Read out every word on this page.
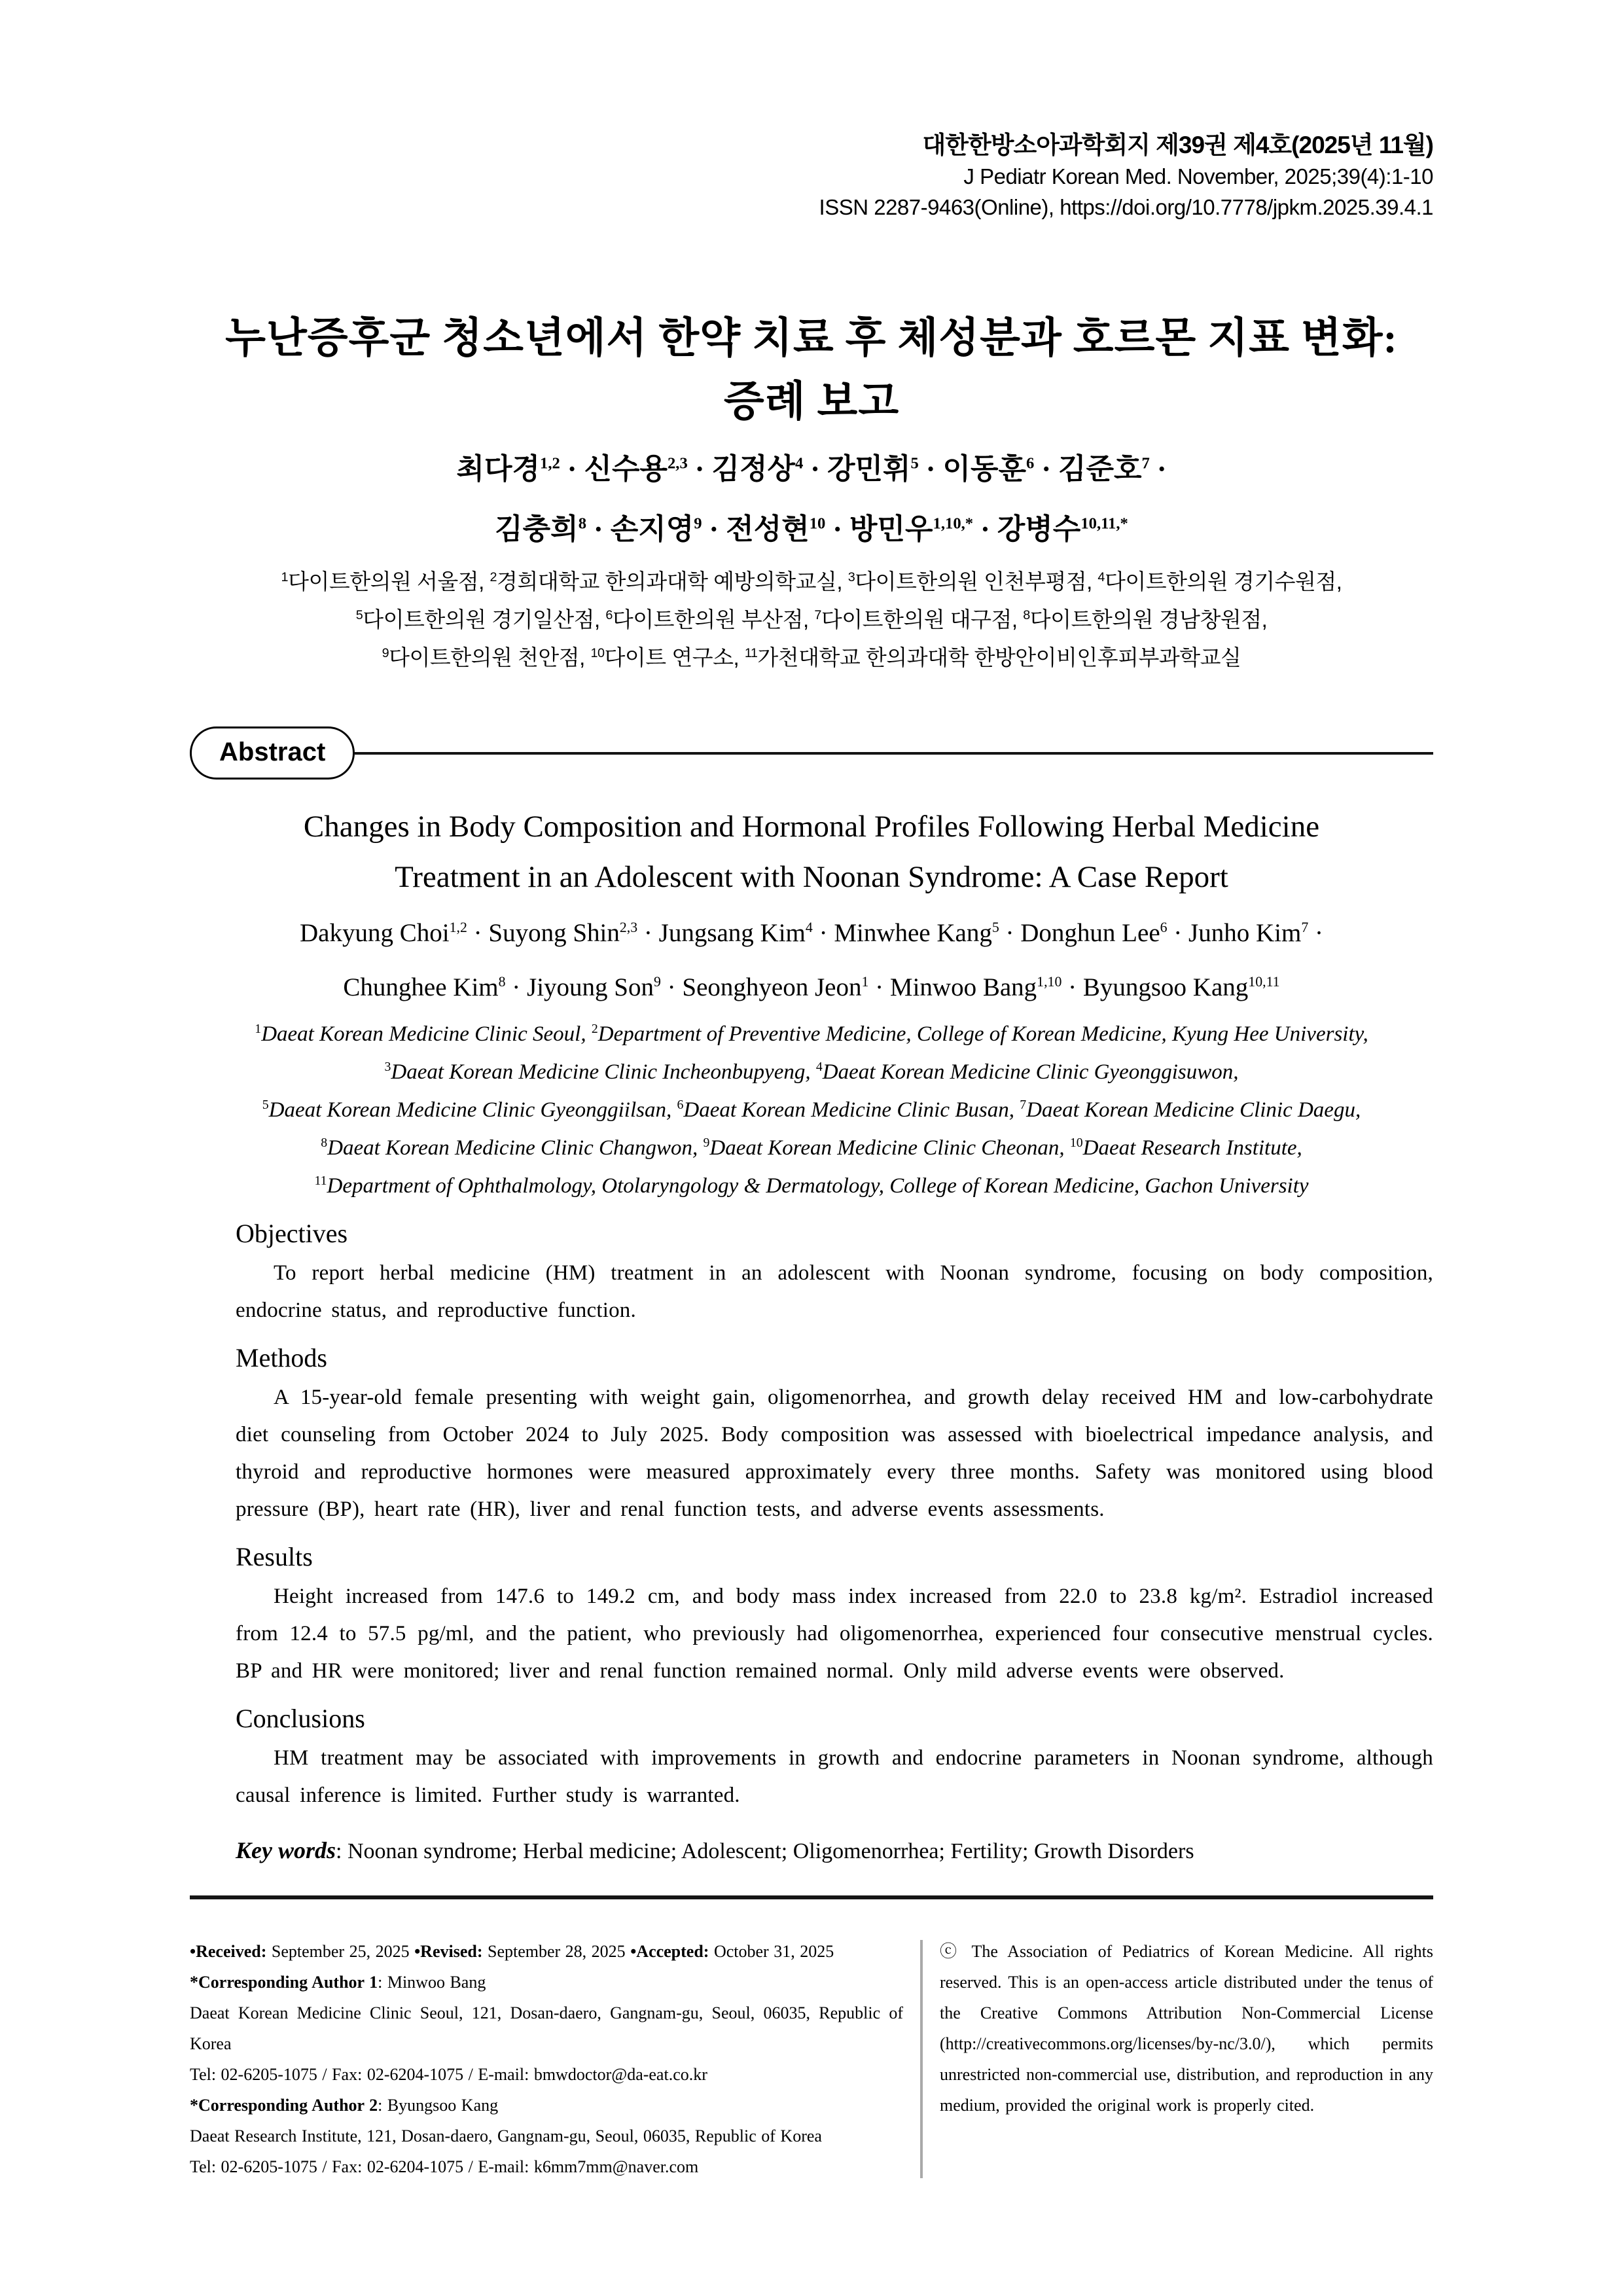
대한한방소아과학회지 제39권 제4호(2025년 11월)
J Pediatr Korean Med. November, 2025;39(4):1-10
ISSN 2287-9463(Online), https://doi.org/10.7778/jpkm.2025.39.4.1
누난증후군 청소년에서 한약 치료 후 체성분과 호르몬 지표 변화:
증례 보고
최다경$^{1,2}$ · 신수용$^{2,3}$ · 김정상$^4$ · 강민휘$^5$ · 이동훈$^6$ · 김준호$^7$ ·
김충희$^8$ · 손지영$^9$ · 전성현$^{10}$ · 방민우$^{1,10,*}$ · 강병수$^{10,11,*}$
$^1$다이트한의원 서울점, $^2$경희대학교 한의과대학 예방의학교실, $^3$다이트한의원 인천부평점, $^4$다이트한의원 경기수원점,
$^5$다이트한의원 경기일산점, $^6$다이트한의원 부산점, $^7$다이트한의원 대구점, $^8$다이트한의원 경남창원점,
$^9$다이트한의원 천안점, $^{10}$다이트 연구소, $^{11}$가천대학교 한의과대학 한방안이비인후피부과학교실
Abstract
Changes in Body Composition and Hormonal Profiles Following Herbal Medicine
Treatment in an Adolescent with Noonan Syndrome: A Case Report
Dakyung Choi$^{1,2}$ · Suyong Shin$^{2,3}$ · Jungsang Kim$^4$ · Minwhee Kang$^5$ · Donghun Lee$^6$ · Junho Kim$^7$ ·
Chunghee Kim$^8$ · Jiyoung Son$^9$ · Seonghyeon Jeon$^1$ · Minwoo Bang$^{1,10}$ · Byungsoo Kang$^{10,11}$
$^1$Daeat Korean Medicine Clinic Seoul, $^2$Department of Preventive Medicine, College of Korean Medicine, Kyung Hee University,
$^3$Daeat Korean Medicine Clinic Incheonbupyeng, $^4$Daeat Korean Medicine Clinic Gyeonggisuwon,
$^5$Daeat Korean Medicine Clinic Gyeonggiilsan, $^6$Daeat Korean Medicine Clinic Busan, $^7$Daeat Korean Medicine Clinic Daegu,
$^8$Daeat Korean Medicine Clinic Changwon, $^9$Daeat Korean Medicine Clinic Cheonan, $^{10}$Daeat Research Institute,
$^{11}$Department of Ophthalmology, Otolaryngology & Dermatology, College of Korean Medicine, Gachon University
Objectives

To report herbal medicine (HM) treatment in an adolescent with Noonan syndrome, focusing on body composition, endocrine status, and reproductive function.

Methods

A 15-year-old female presenting with weight gain, oligomenorrhea, and growth delay received HM and low-carbohydrate diet counseling from October 2024 to July 2025. Body composition was assessed with bioelectrical impedance analysis, and thyroid and reproductive hormones were measured approximately every three months. Safety was monitored using blood pressure (BP), heart rate (HR), liver and renal function tests, and adverse events assessments.

Results

Height increased from 147.6 to 149.2 cm, and body mass index increased from 22.0 to 23.8 kg/m². Estradiol increased from 12.4 to 57.5 pg/ml, and the patient, who previously had oligomenorrhea, experienced four consecutive menstrual cycles. BP and HR were monitored; liver and renal function remained normal. Only mild adverse events were observed.

Conclusions

HM treatment may be associated with improvements in growth and endocrine parameters in Noonan syndrome, although causal inference is limited. Further study is warranted.

Key words: Noonan syndrome; Herbal medicine; Adolescent; Oligomenorrhea; Fertility; Growth Disorders

•Received: September 25, 2025 •Revised: September 28, 2025 •Accepted: October 31, 2025

*Corresponding Author 1: Minwoo Bang

Daeat Korean Medicine Clinic Seoul, 121, Dosan-daero, Gangnam-gu, Seoul, 06035, Republic of Korea

Tel: 02-6205-1075 / Fax: 02-6204-1075 / E-mail: bmwdoctor@da-eat.co.kr

*Corresponding Author 2: Byungsoo Kang

Daeat Research Institute, 121, Dosan-daero, Gangnam-gu, Seoul, 06035, Republic of Korea

Tel: 02-6205-1075 / Fax: 02-6204-1075 / E-mail: k6mm7mm@naver.com

ⓒ The Association of Pediatrics of Korean Medicine. All rights reserved. This is an open-access article distributed under the tenus of the Creative Commons Attribution Non-Commercial License (http://creativecommons.org/licenses/by-nc/3.0/), which permits unrestricted non-commercial use, distribution, and reproduction in any medium, provided the original work is properly cited.
